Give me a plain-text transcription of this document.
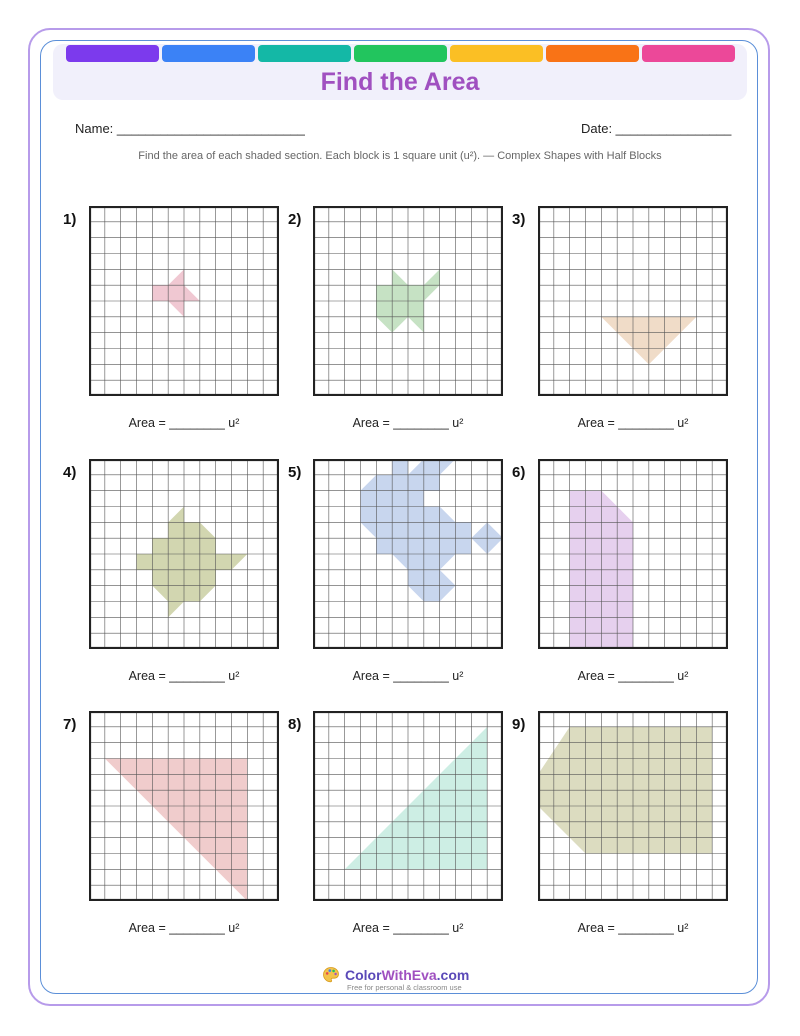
Find the Area
Name: __________________________	Date: ________________
Find the area of each shaded section. Each block is 1 square unit (u²). — Complex Shapes with Half Blocks
1)
Area = ________ u²
2)
Area = ________ u²
3)
Area = ________ u²
4)
Area = ________ u²
5)
Area = ________ u²
6)
Area = ________ u²
7)
Area = ________ u²
8)
Area = ________ u²
9)
Area = ________ u²
ColorWithEva.com
Free for personal & classroom use
